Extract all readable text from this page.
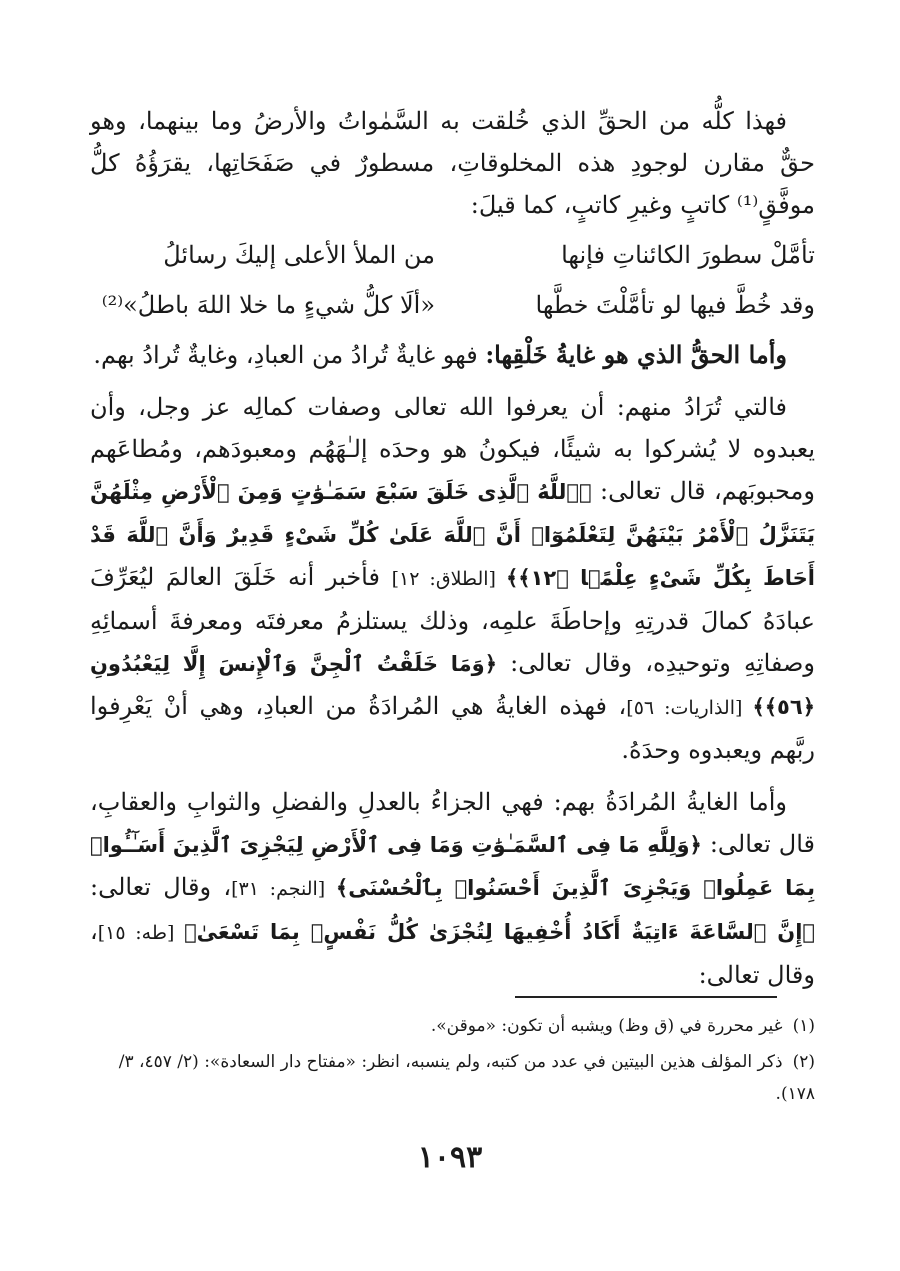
فهذا كلُّه من الحقِّ الذي خُلقت به السَّمٰواتُ والأرضُ وما بينهما، وهو حقٌّ مقارن لوجودِ هذه المخلوقاتِ، مسطورٌ في صَفَحَاتِها، يقرَؤُهُ كلُّ موفَّقٍ⁽¹⁾ كاتبٍ وغيرِ كاتبٍ، كما قيلَ:

تأمَّلْ سطورَ الكائناتِ فإنها
من الملأ الأعلى إليكَ رسائلُ
وقد خُطَّ فيها لو تأمَّلْتَ خطَّها
«ألَا كلُّ شيءٍ ما خلا اللهَ باطلُ»⁽²⁾

وأما الحقُّ الذي هو غايةُ خَلْقِها: فهو غايةٌ تُرادُ من العبادِ، وغايةٌ تُرادُ بهم.

فالتي تُرَادُ منهم: أن يعرفوا الله تعالى وصفات كمالِه عز وجل، وأن يعبدوه لا يُشركوا به شيئًا، فيكونُ هو وحدَه إلـٰهَهُم ومعبودَهم، ومُطاعَهم ومحبوبَهم، قال تعالى: ﴿ٱللَّهُ ٱلَّذِى خَلَقَ سَبْعَ سَمَـٰوَٰتٍ وَمِنَ ٱلْأَرْضِ مِثْلَهُنَّ يَتَنَزَّلُ ٱلْأَمْرُ بَيْنَهُنَّ لِتَعْلَمُوٓا۟ أَنَّ ٱللَّهَ عَلَىٰ كُلِّ شَىْءٍ قَدِيرٌ وَأَنَّ ٱللَّهَ قَدْ أَحَاطَ بِكُلِّ شَىْءٍ عِلْمًۢا ﴿١٢﴾﴾ [الطلاق: ١٢] فأخبر أنه خَلَقَ العالمَ ليُعَرِّفَ عبادَهُ كمالَ قدرتِهِ وإحاطَةَ علمِه، وذلك يستلزمُ معرفتَه ومعرفةَ أسمائِهِ وصفاتِهِ وتوحيدِه، وقال تعالى: ﴿وَمَا خَلَقْتُ ٱلْجِنَّ وَٱلْإِنسَ إِلَّا لِيَعْبُدُونِ ﴿٥٦﴾﴾ [الذاريات: ٥٦]، فهذه الغايةُ هي المُرادَةُ من العبادِ، وهي أنْ يَعْرِفوا ربَّهم ويعبدوه وحدَهُ.

وأما الغايةُ المُرادَةُ بهم: فهي الجزاءُ بالعدلِ والفضلِ والثوابِ والعقابِ، قال تعالى: ﴿وَلِلَّهِ مَا فِى ٱلسَّمَـٰوَٰتِ وَمَا فِى ٱلْأَرْضِ لِيَجْزِىَ ٱلَّذِينَ أَسَـٰٓـُٔوا۟ بِمَا عَمِلُوا۟ وَيَجْزِىَ ٱلَّذِينَ أَحْسَنُوا۟ بِٱلْحُسْنَى﴾ [النجم: ٣١]، وقال تعالى: ﴿إِنَّ ٱلسَّاعَةَ ءَاتِيَةٌ أَكَادُ أُخْفِيهَا لِتُجْزَىٰ كُلُّ نَفْسٍۭ بِمَا تَسْعَىٰ﴾ [طه: ١٥]، وقال تعالى:

(١)غير محررة في (ق وظ) ويشبه أن تكون: «موقن».

(٢)ذكر المؤلف هذين البيتين في عدد من كتبه، ولم ينسبه، انظر: «مفتاح دار السعادة»: (٢/ ٤٥٧، ٣/ ١٧٨).

١٠٩٣
